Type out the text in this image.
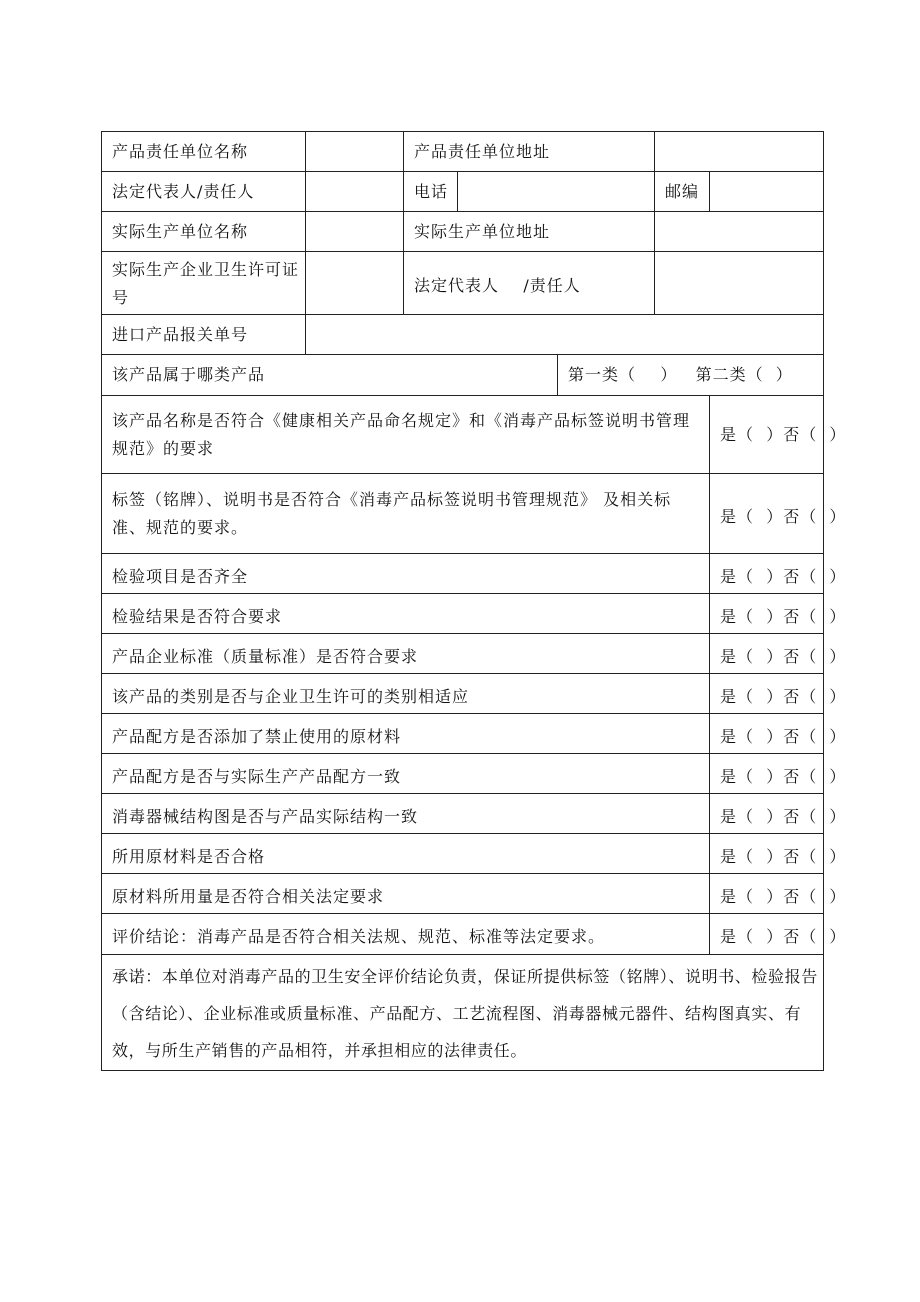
产品责任单位名称		产品责任单位地址				
法定代表人/责任人		电话			邮编	
实际生产单位名称		实际生产单位地址				
实际生产企业卫生许可证号		法定代表人    /责任人				
进口产品报关单号						
该产品属于哪类产品				第一类（    ） 第二类（  ）		
该产品名称是否符合《健康相关产品命名规定》和《消毒产品标签说明书管理规范》的要求						是（  ）否（  ）
标签（铭牌）、说明书是否符合《消毒产品标签说明书管理规范》 及相关标准、规范的要求。						是（  ）否（  ）
检验项目是否齐全						是（  ）否（  ）
检验结果是否符合要求						是（  ）否（  ）
产品企业标准（质量标准）是否符合要求						是（  ）否（  ）
该产品的类别是否与企业卫生许可的类别相适应						是（  ）否（  ）
产品配方是否添加了禁止使用的原材料						是（  ）否（  ）
产品配方是否与实际生产产品配方一致						是（  ）否（  ）
消毒器械结构图是否与产品实际结构一致						是（  ）否（  ）
所用原材料是否合格						是（  ）否（  ）
原材料所用量是否符合相关法定要求						是（  ）否（  ）
评价结论：消毒产品是否符合相关法规、规范、标准等法定要求。						是（  ）否（  ）
承诺：本单位对消毒产品的卫生安全评价结论负责，保证所提供标签（铭牌）、说明书、检验报告（含结论）、企业标准或质量标准、产品配方、工艺流程图、消毒器械元器件、结构图真实、有效，与所生产销售的产品相符，并承担相应的法律责任。						
